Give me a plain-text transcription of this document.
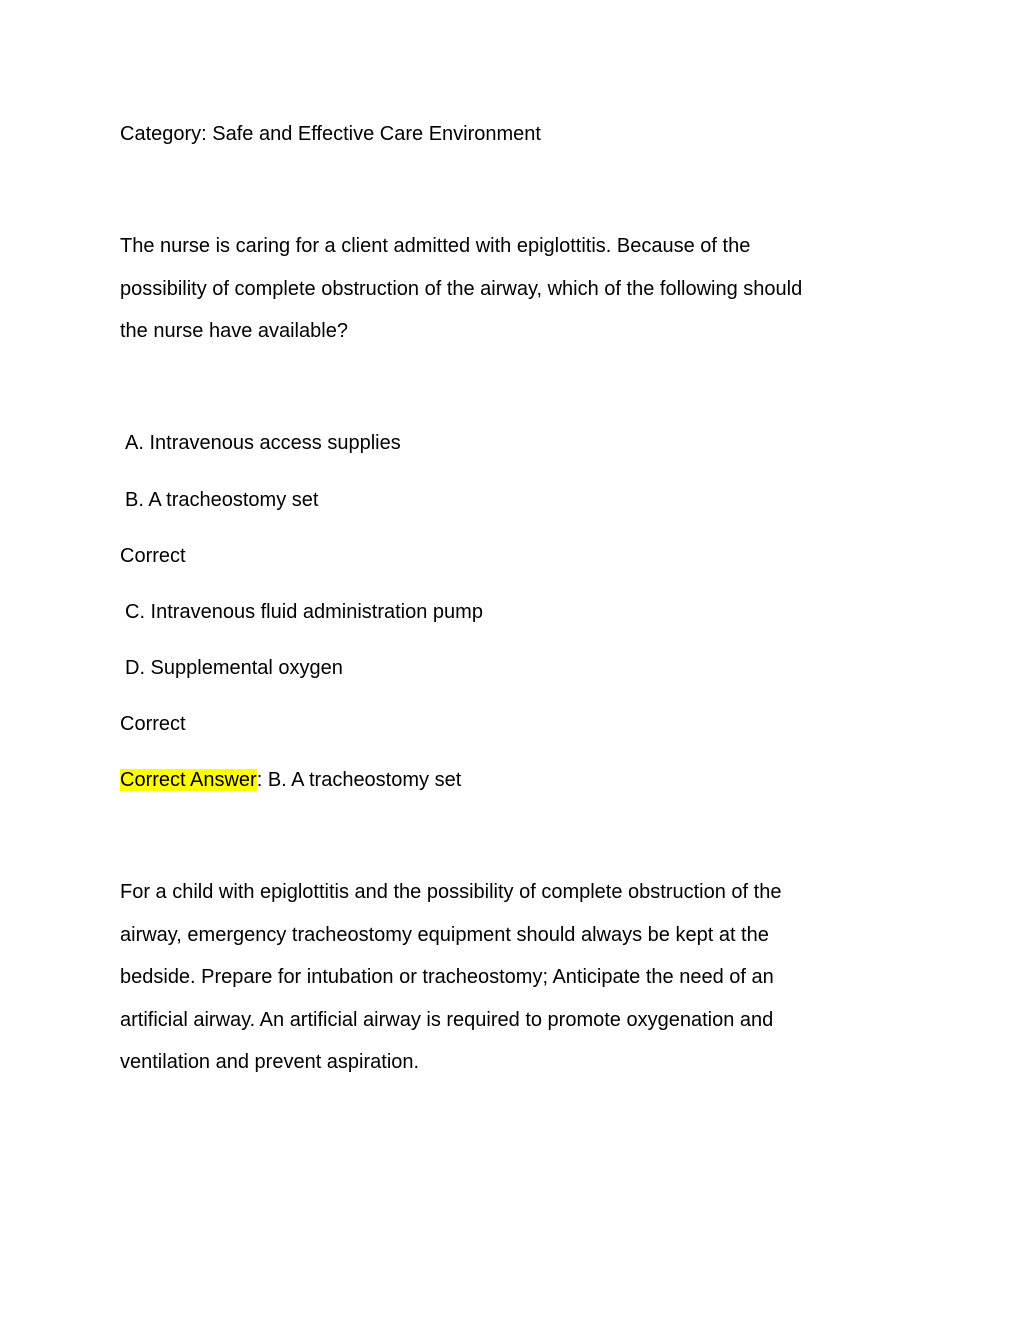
Category: Safe and Effective Care Environment

The nurse is caring for a client admitted with epiglottitis. Because of the

possibility of complete obstruction of the airway, which of the following should

the nurse have available?

A. Intravenous access supplies
B. A tracheostomy set
Correct
C. Intravenous fluid administration pump
D. Supplemental oxygen
Correct
Correct Answer: B. A tracheostomy set

For a child with epiglottitis and the possibility of complete obstruction of the

airway, emergency tracheostomy equipment should always be kept at the

bedside. Prepare for intubation or tracheostomy; Anticipate the need of an

artificial airway. An artificial airway is required to promote oxygenation and

ventilation and prevent aspiration.
